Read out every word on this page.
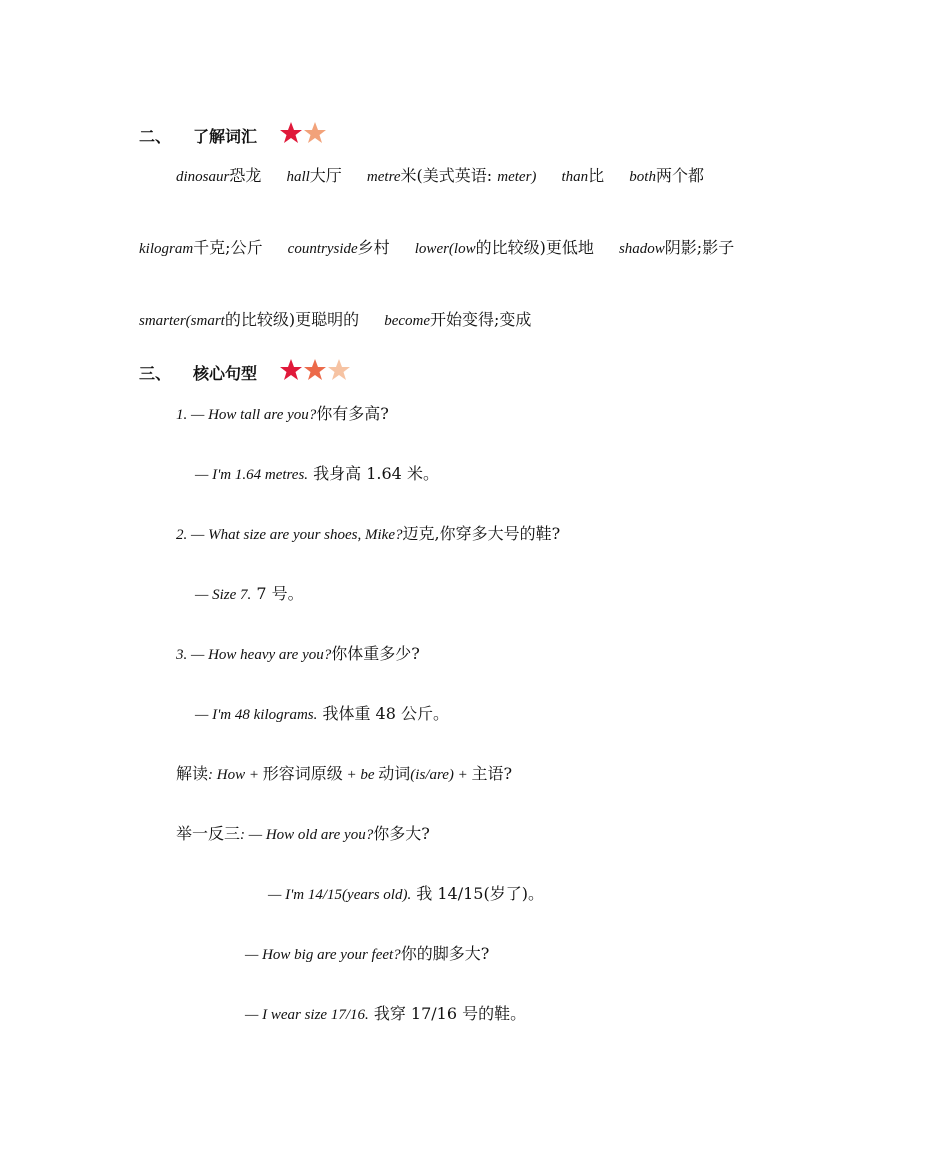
二、 了解词汇
dinosaur恐龙 hall大厅 metre米(美式英语: meter) than比 both两个都
kilogram千克;公斤 countryside乡村 lower(low的比较级)更低地 shadow阴影;影子
smarter(smart的比较级)更聪明的 become开始变得;变成
三、 核心句型
1. — How tall are you?你有多高?
— I'm 1.64 metres. 我身高 1.64 米。
2. — What size are your shoes, Mike?迈克,你穿多大号的鞋?
— Size 7. 7 号。
3. — How heavy are you?你体重多少?
— I'm 48 kilograms. 我体重 48 公斤。
解读: How + 形容词原级 + be 动词(is/are) + 主语?
举一反三: — How old are you?你多大?
— I'm 14/15(years old). 我 14/15(岁了)。
— How big are your feet?你的脚多大?
— I wear size 17/16. 我穿 17/16 号的鞋。
